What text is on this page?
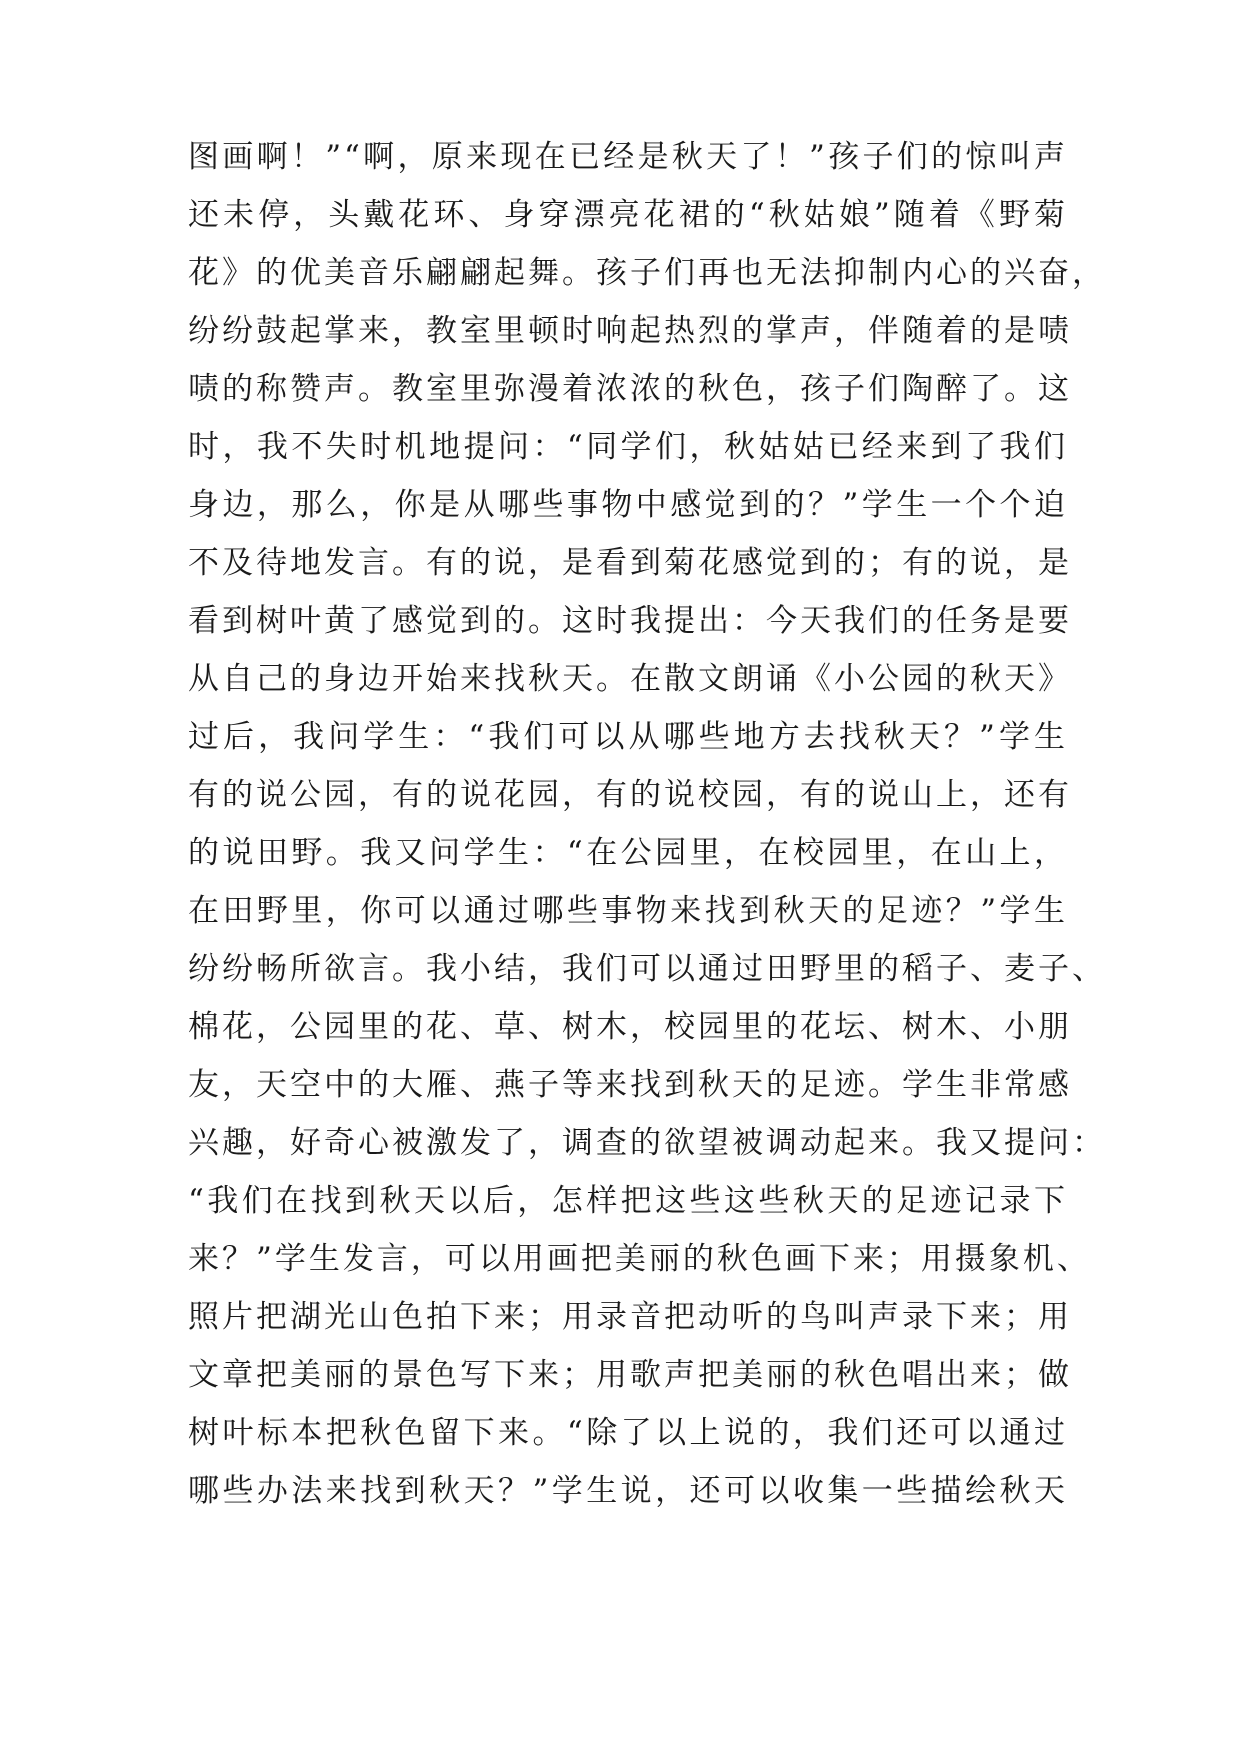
图画啊！”“啊，原来现在已经是秋天了！”孩子们的惊叫声
还未停，头戴花环、身穿漂亮花裙的“秋姑娘”随着《野菊
花》的优美音乐翩翩起舞。孩子们再也无法抑制内心的兴奋，
纷纷鼓起掌来，教室里顿时响起热烈的掌声，伴随着的是啧
啧的称赞声。教室里弥漫着浓浓的秋色，孩子们陶醉了。这
时，我不失时机地提问：“同学们，秋姑姑已经来到了我们
身边，那么，你是从哪些事物中感觉到的？”学生一个个迫
不及待地发言。有的说，是看到菊花感觉到的；有的说，是
看到树叶黄了感觉到的。这时我提出：今天我们的任务是要
从自己的身边开始来找秋天。在散文朗诵《小公园的秋天》
过后，我问学生：“我们可以从哪些地方去找秋天？”学生
有的说公园，有的说花园，有的说校园，有的说山上，还有
的说田野。我又问学生：“在公园里，在校园里，在山上，
在田野里，你可以通过哪些事物来找到秋天的足迹？”学生
纷纷畅所欲言。我小结，我们可以通过田野里的稻子、麦子、
棉花，公园里的花、草、树木，校园里的花坛、树木、小朋
友，天空中的大雁、燕子等来找到秋天的足迹。学生非常感
兴趣，好奇心被激发了，调查的欲望被调动起来。我又提问：
“我们在找到秋天以后，怎样把这些这些秋天的足迹记录下
来？”学生发言，可以用画把美丽的秋色画下来；用摄象机、
照片把湖光山色拍下来；用录音把动听的鸟叫声录下来；用
文章把美丽的景色写下来；用歌声把美丽的秋色唱出来；做
树叶标本把秋色留下来。“除了以上说的，我们还可以通过
哪些办法来找到秋天？”学生说，还可以收集一些描绘秋天
